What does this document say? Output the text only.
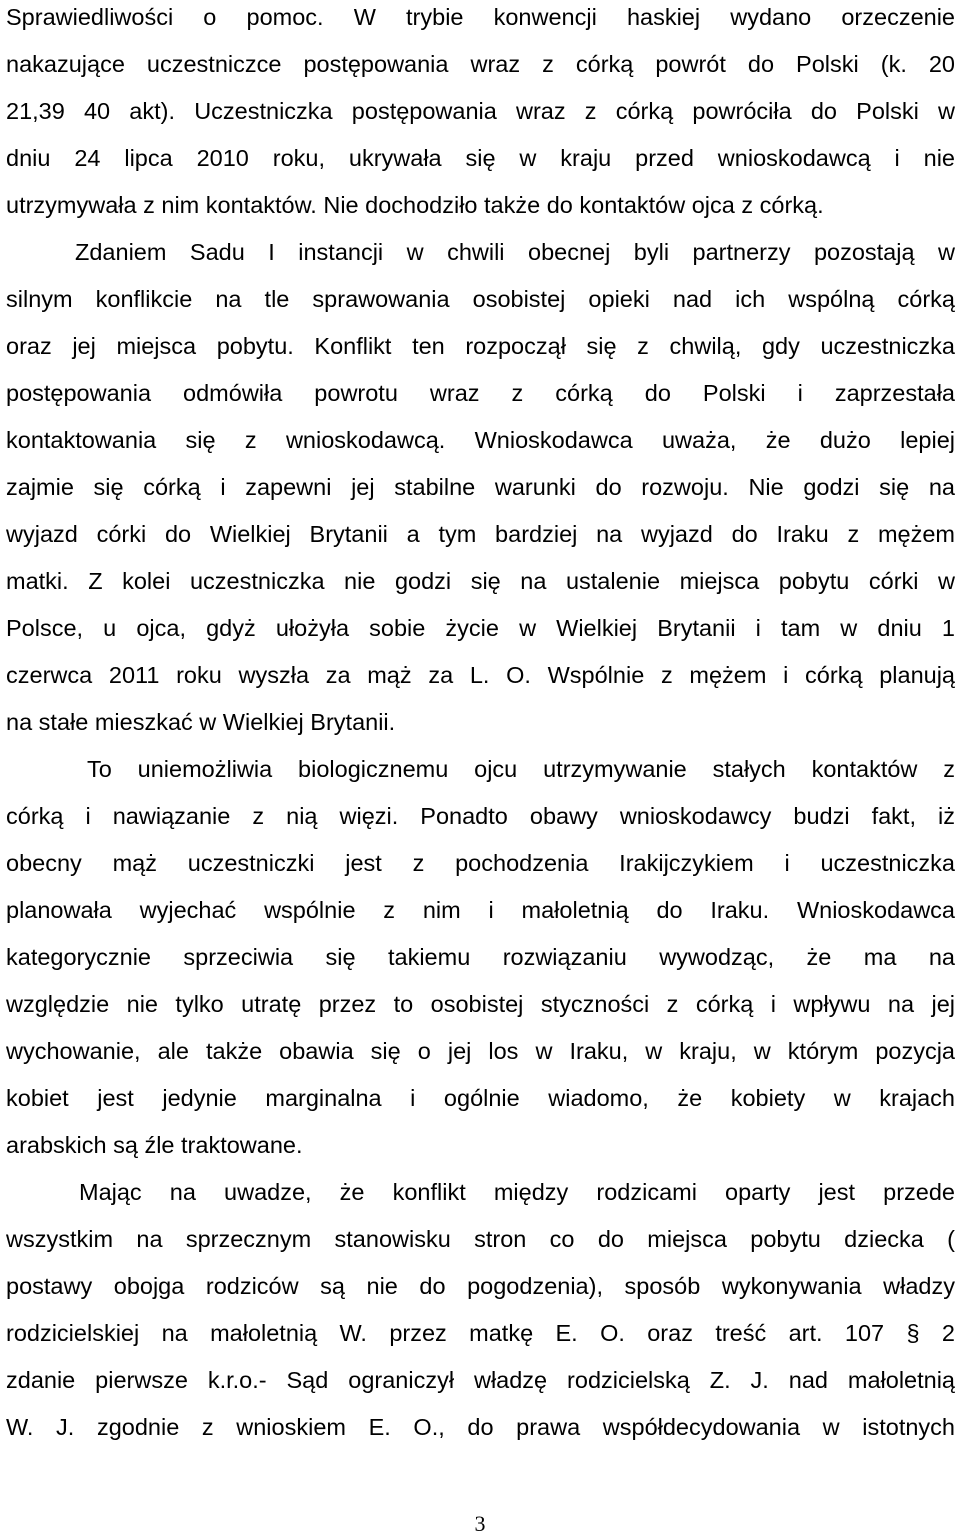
Sprawiedliwości o pomoc. W trybie konwencji haskiej wydano orzeczenie
nakazujące uczestniczce postępowania wraz z córką powrót do Polski (k. 20
21,39 40 akt). Uczestniczka postępowania wraz z córką powróciła do Polski w
dniu 24 lipca 2010 roku, ukrywała się w kraju przed wnioskodawcą i nie
utrzymywała z nim kontaktów. Nie dochodziło także do kontaktów ojca z córką.
Zdaniem Sadu I instancji w chwili obecnej byli partnerzy pozostają w
silnym konflikcie na tle sprawowania osobistej opieki nad ich wspólną córką
oraz jej miejsca pobytu. Konflikt ten rozpoczął się z chwilą, gdy uczestniczka
postępowania odmówiła powrotu wraz z córką do Polski i zaprzestała
kontaktowania się z wnioskodawcą. Wnioskodawca uważa, że dużo lepiej
zajmie się córką i zapewni jej stabilne warunki do rozwoju. Nie godzi się na
wyjazd córki do Wielkiej Brytanii a tym bardziej na wyjazd do Iraku z mężem
matki. Z kolei uczestniczka nie godzi się na ustalenie miejsca pobytu córki w
Polsce, u ojca, gdyż ułożyła sobie życie w Wielkiej Brytanii i tam w dniu 1
czerwca 2011 roku wyszła za mąż za L. O. Wspólnie z mężem i córką planują
na stałe mieszkać w Wielkiej Brytanii.
To uniemożliwia biologicznemu ojcu utrzymywanie stałych kontaktów z
córką i nawiązanie z nią więzi. Ponadto obawy wnioskodawcy budzi fakt, iż
obecny mąż uczestniczki jest z pochodzenia Irakijczykiem i uczestniczka
planowała wyjechać wspólnie z nim i małoletnią do Iraku. Wnioskodawca
kategorycznie sprzeciwia się takiemu rozwiązaniu wywodząc, że ma na
względzie nie tylko utratę przez to osobistej styczności z córką i wpływu na jej
wychowanie, ale także obawia się o jej los w Iraku, w kraju, w którym pozycja
kobiet jest jedynie marginalna i ogólnie wiadomo, że kobiety w krajach
arabskich są źle traktowane.
Mając na uwadze, że konflikt między rodzicami oparty jest przede
wszystkim na sprzecznym stanowisku stron co do miejsca pobytu dziecka (
postawy obojga rodziców są nie do pogodzenia), sposób wykonywania władzy
rodzicielskiej na małoletnią W. przez matkę E. O. oraz treść art. 107 § 2
zdanie pierwsze k.r.o.- Sąd ograniczył władzę rodzicielską Z. J. nad małoletnią
W. J. zgodnie z wnioskiem E. O., do prawa współdecydowania w istotnych
3
